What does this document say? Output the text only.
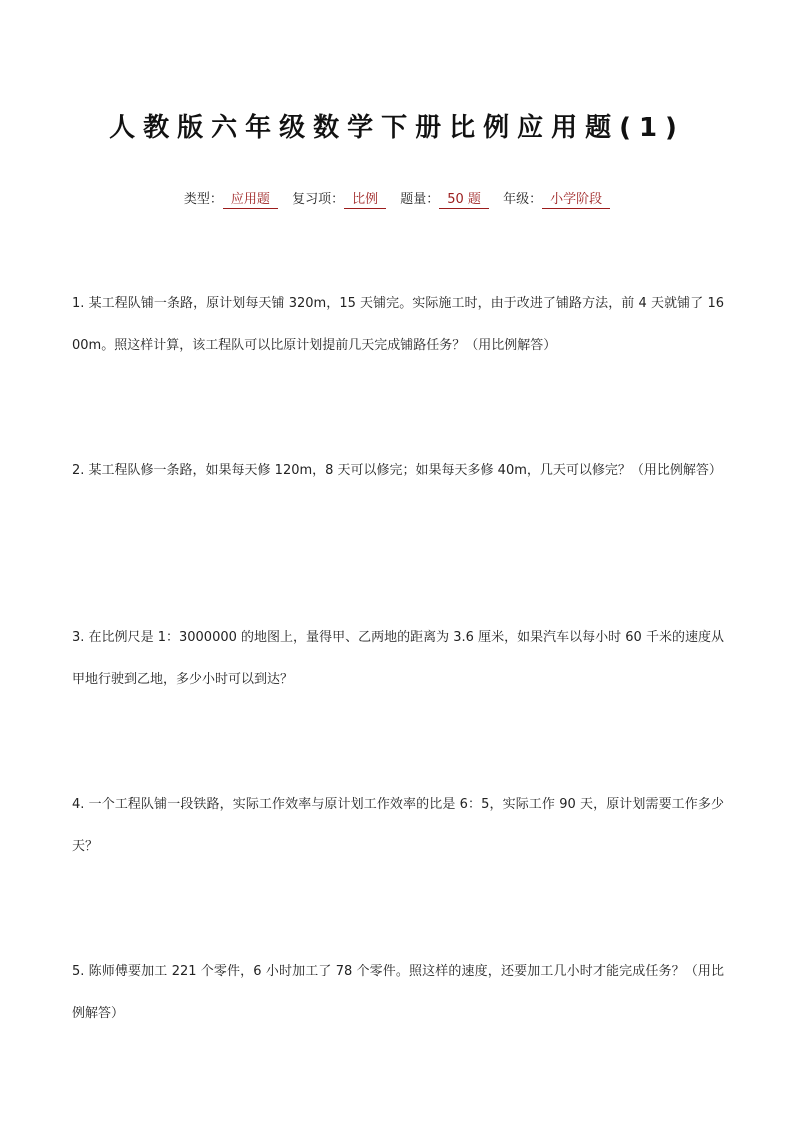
人教版六年级数学下册比例应用题(1)
类型： 应用题 复习项： 比例 题量： 50 题 年级： 小学阶段
1. 某工程队铺一条路，原计划每天铺 320m，15 天铺完。实际施工时，由于改进了铺路方法，前 4 天就铺了 1600m。照这样计算，该工程队可以比原计划提前几天完成铺路任务？（用比例解答）
2. 某工程队修一条路，如果每天修 120m，8 天可以修完；如果每天多修 40m，几天可以修完？（用比例解答）
3. 在比例尺是 1：3000000 的地图上，量得甲、乙两地的距离为 3.6 厘米，如果汽车以每小时 60 千米的速度从甲地行驶到乙地，多少小时可以到达？
4. 一个工程队铺一段铁路，实际工作效率与原计划工作效率的比是 6：5，实际工作 90 天，原计划需要工作多少天？
5. 陈师傅要加工 221 个零件，6 小时加工了 78 个零件。照这样的速度，还要加工几小时才能完成任务？（用比例解答）
